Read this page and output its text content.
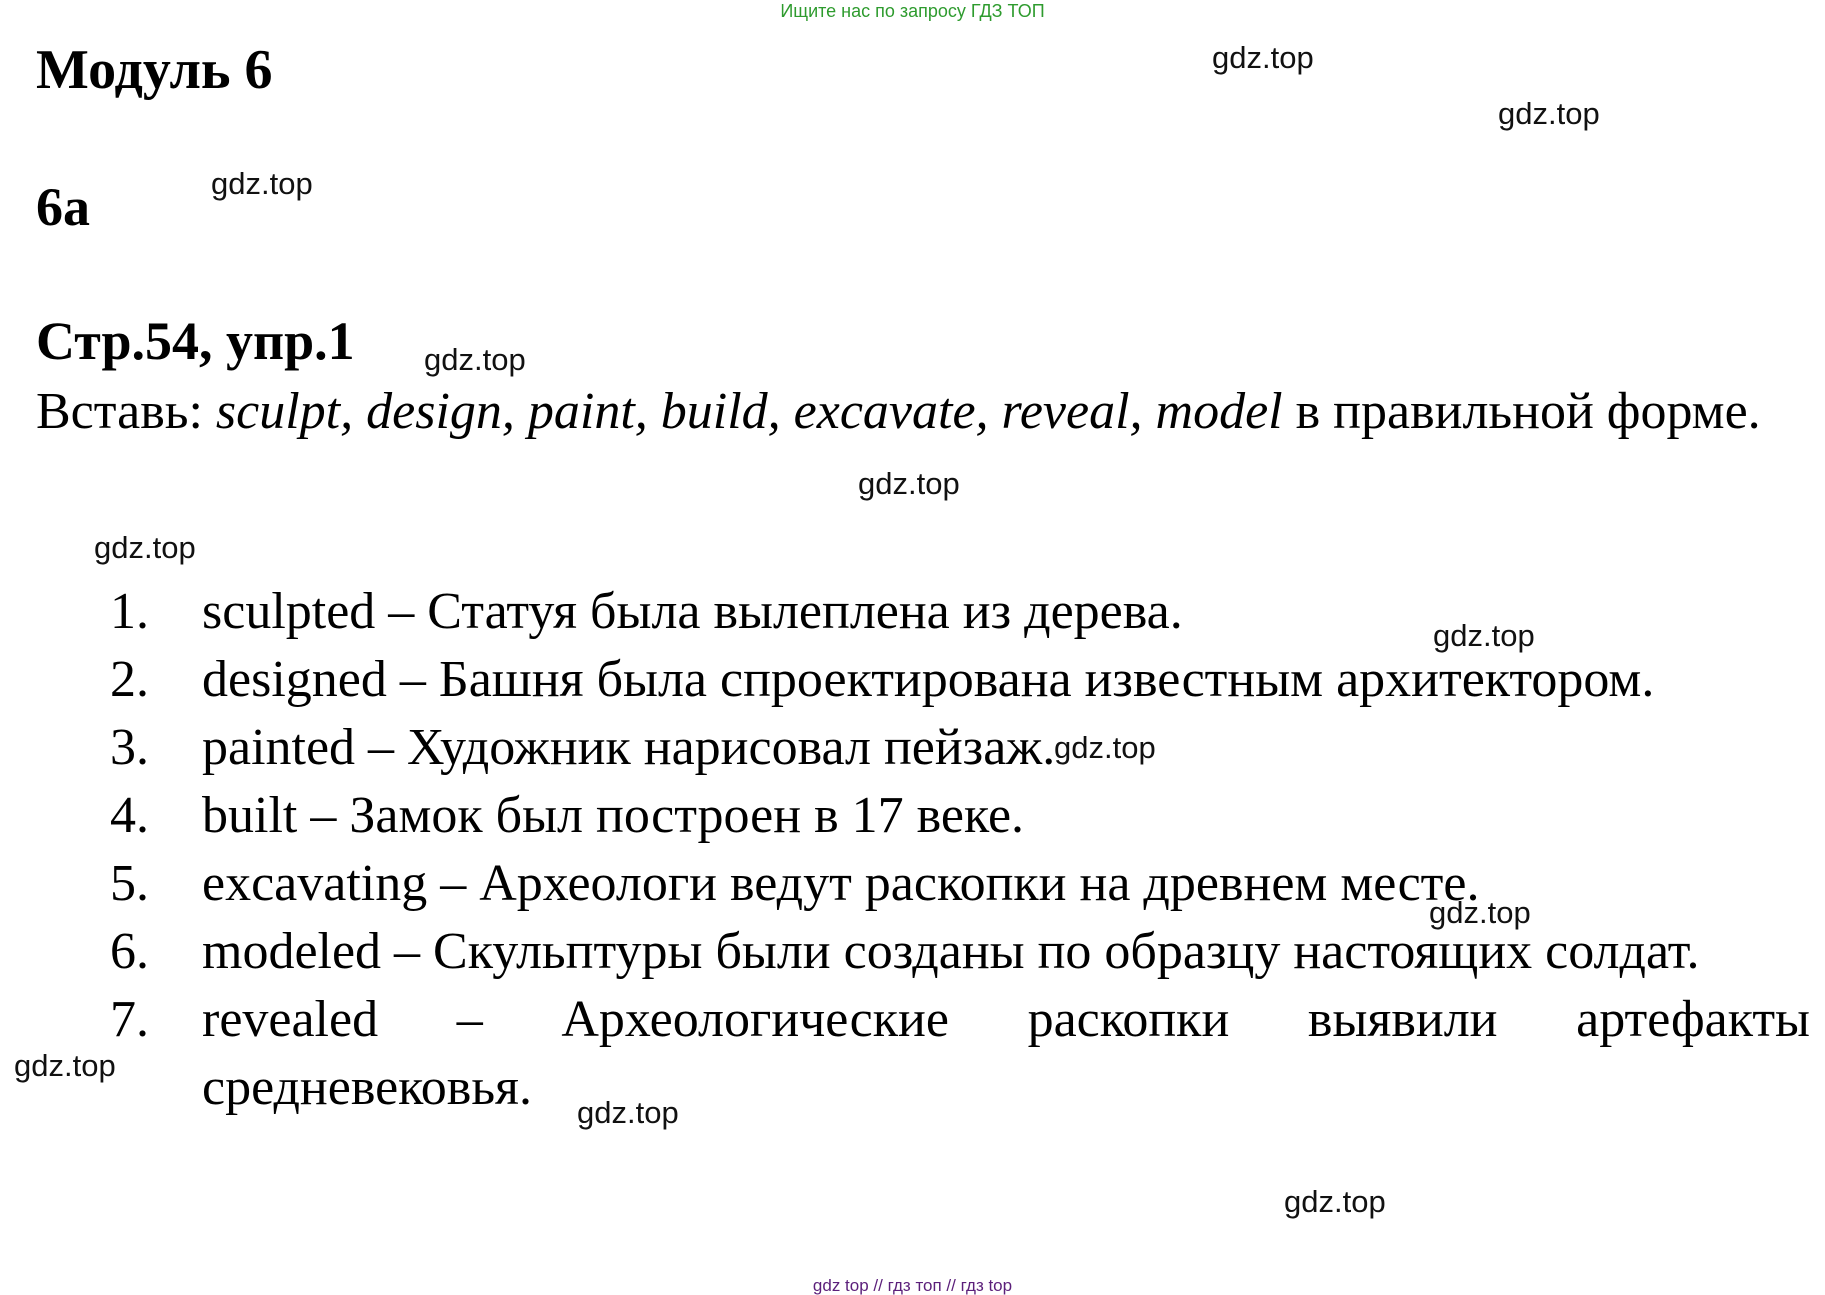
Ищите нас по запросу ГДЗ ТОП
Модуль 6
6a
Стр.54, упр.1
Вставь: sculpt, design, paint, build, excavate, reveal, model в правильной форме.
1.	sculpted – Статуя была вылеплена из дерева.
2.	designed – Башня была спроектирована известным архитектором.
3.	painted – Художник нарисовал пейзаж.
4.	built – Замок был построен в 17 веке.
5.	excavating – Археологи ведут раскопки на древнем месте.
6.	modeled – Скульптуры были созданы по образцу настоящих солдат.
7.	revealed – Археологические раскопки выявили артефакты средневековья.
gdz.top
gdz.top
gdz.top
gdz.top
gdz.top
gdz.top
gdz.top
gdz.top
gdz.top
gdz.top
gdz.top
gdz.top
gdz top // гдз топ // гдз top
